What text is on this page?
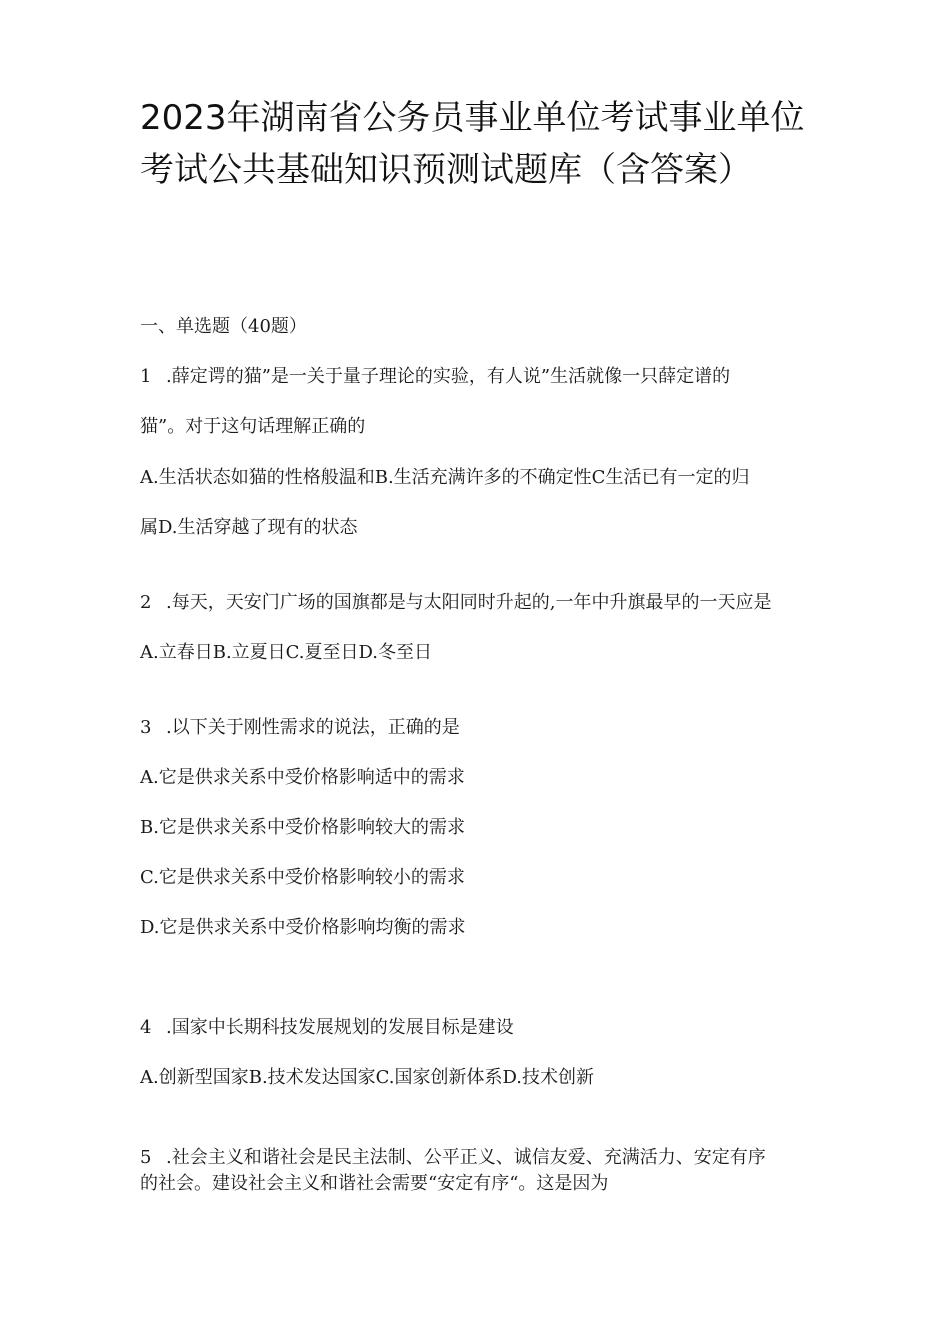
2023年湖南省公务员事业单位考试事业单位
考试公共基础知识预测试题库（含答案）
一、单选题（40题）
1 .薛定谔的猫”是一关于量子理论的实验，有人说”生活就像一只薛定谱的
猫”。对于这句话理解正确的
A.生活状态如猫的性格般温和B.生活充满许多的不确定性C生活已有一定的归
属D.生活穿越了现有的状态
2 .每天，天安门广场的国旗都是与太阳同时升起的,一年中升旗最早的一天应是
A.立春日B.立夏日C.夏至日D.冬至日
3 .以下关于刚性需求的说法，正确的是
A.它是供求关系中受价格影响适中的需求
B.它是供求关系中受价格影响较大的需求
C.它是供求关系中受价格影响较小的需求
D.它是供求关系中受价格影响均衡的需求
4 .国家中长期科技发展规划的发展目标是建设
A.创新型国家B.技术发达国家C.国家创新体系D.技术创新
5 .社会主义和谐社会是民主法制、公平正义、诚信友爱、充满活力、安定有序
的社会。建设社会主义和谐社会需要“安定有序“。这是因为
